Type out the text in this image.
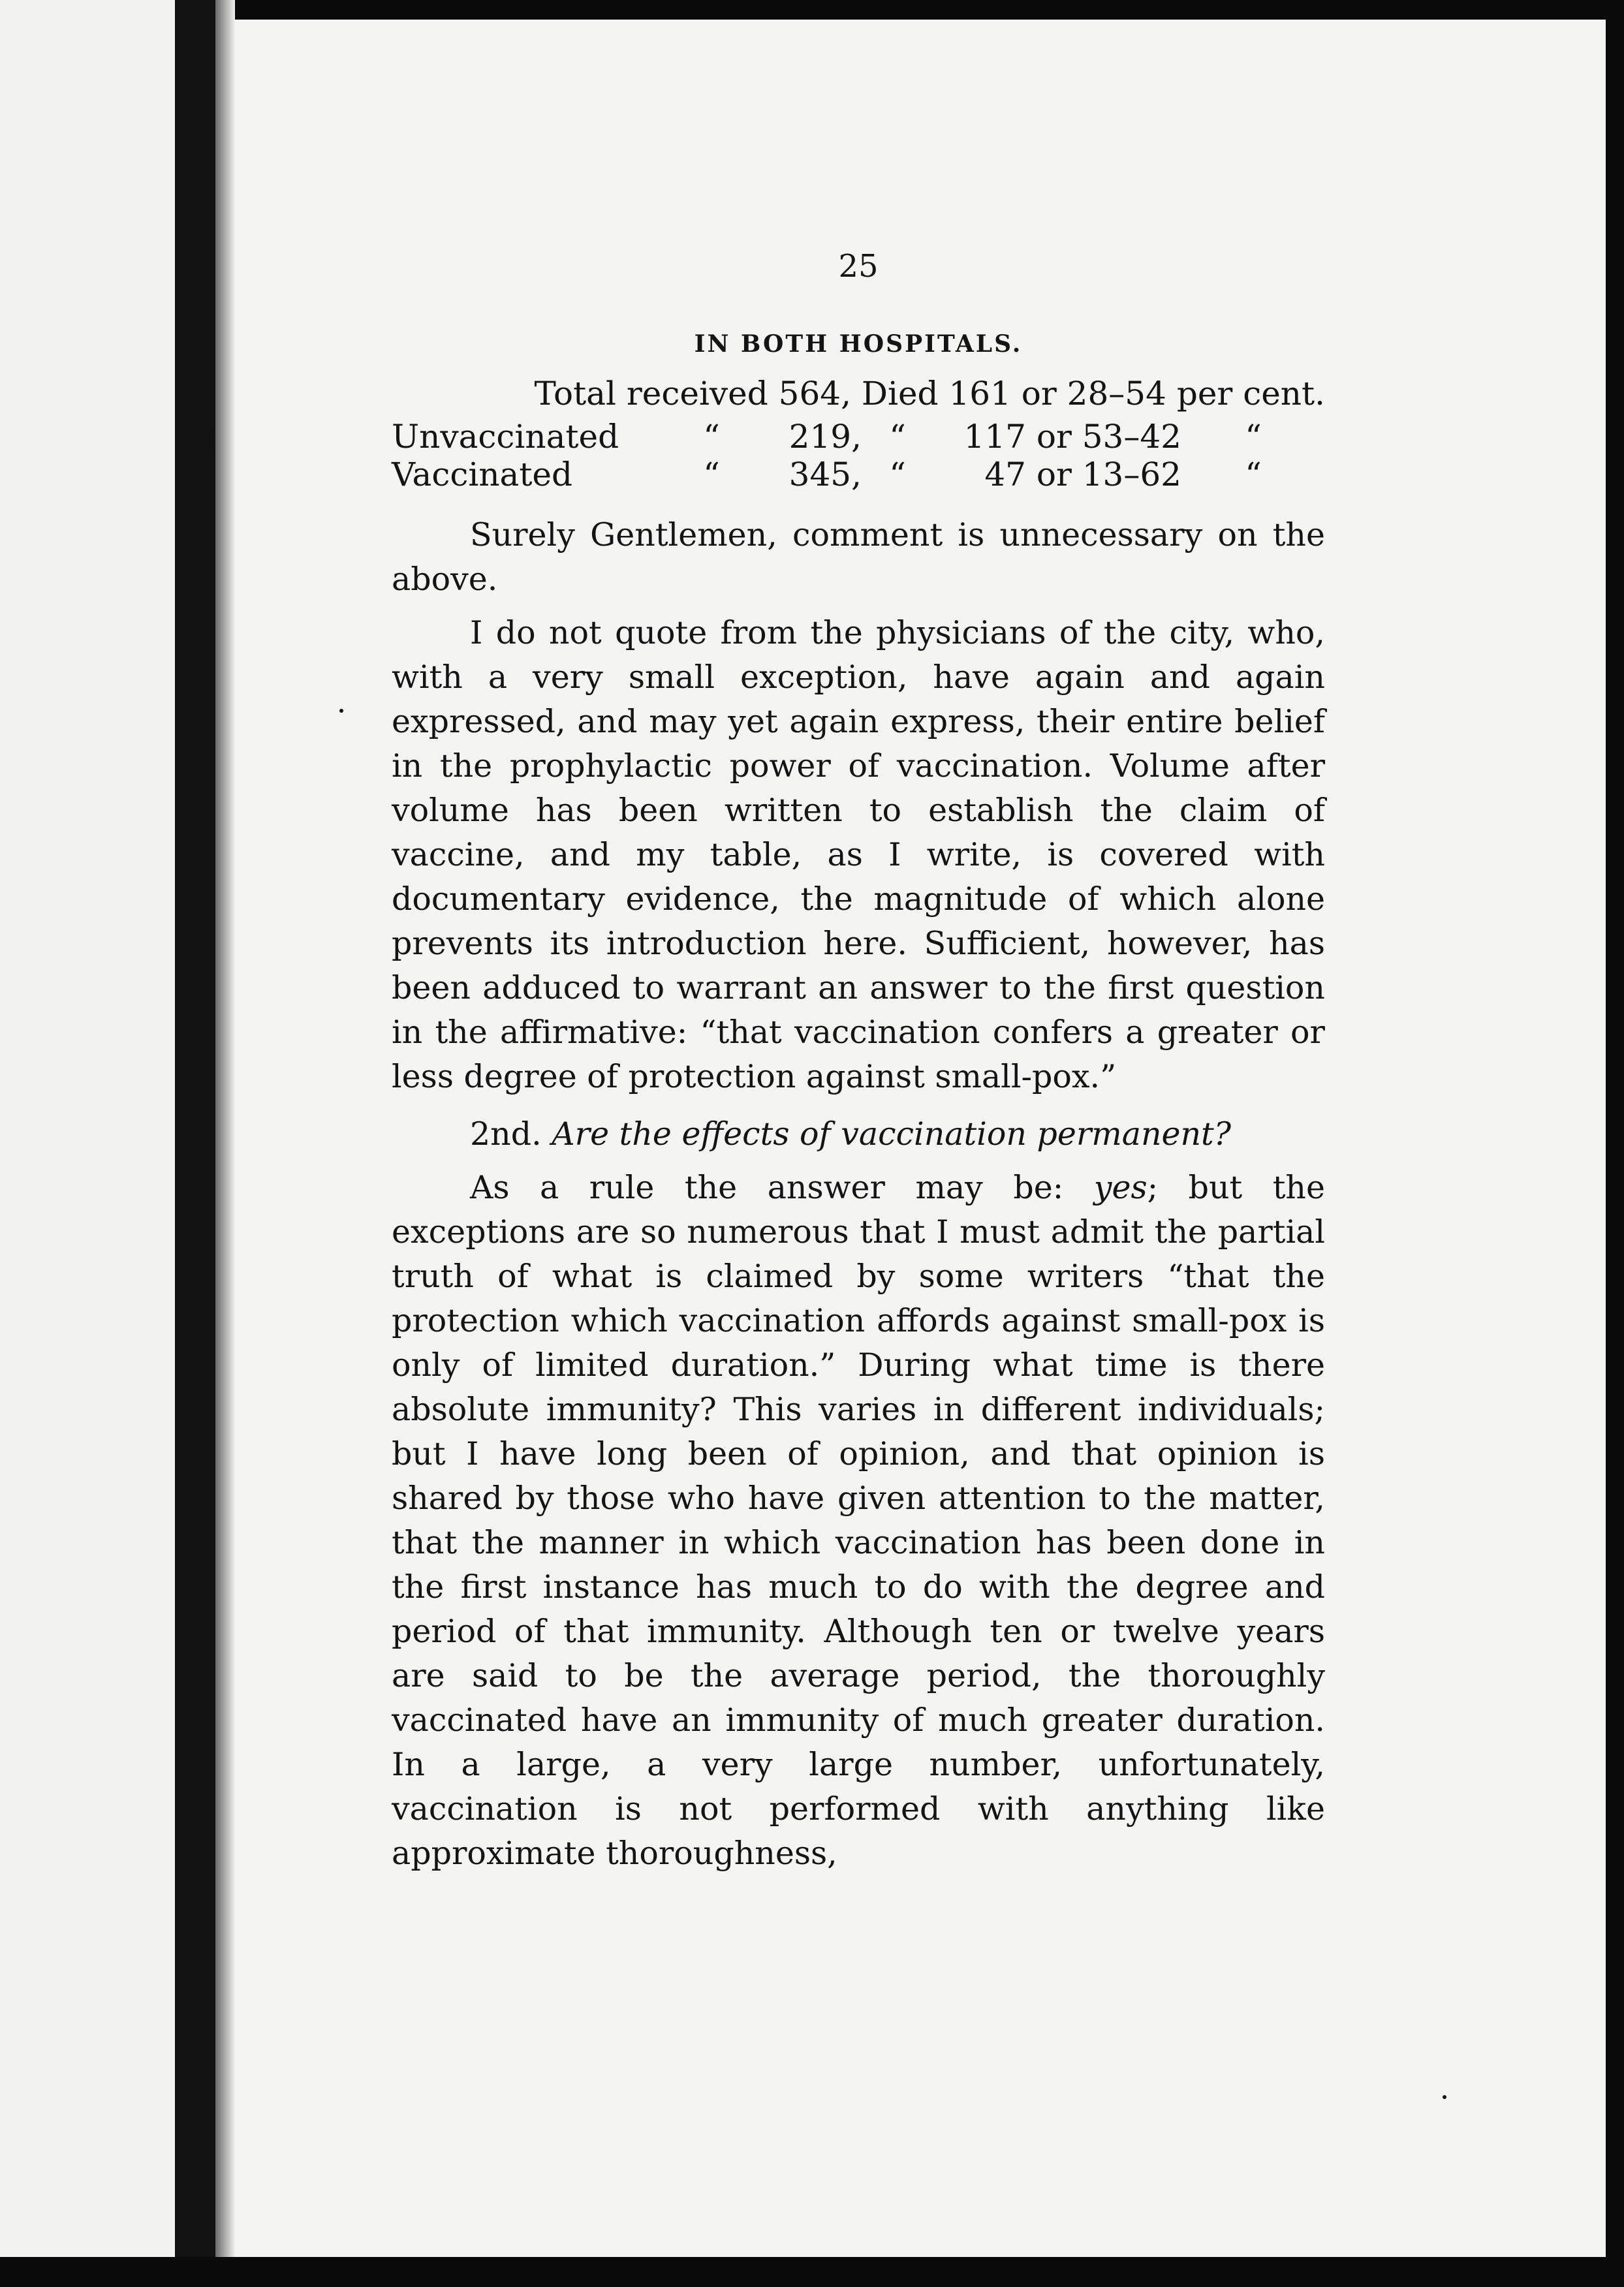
25
IN BOTH HOSPITALS.
Total received 564, Died 161 or 28–54 per cent.
Unvaccinated	“	219, “	117 or 53–42	“
Vaccinated	“	345, “	47 or 13–62	“

Surely Gentlemen, comment is unnecessary on the above.

I do not quote from the physicians of the city, who, with a very small exception, have again and again expressed, and may yet again express, their entire belief in the prophylactic power of vaccination. Volume after volume has been written to establish the claim of vaccine, and my table, as I write, is covered with documentary evidence, the magnitude of which alone prevents its introduction here. Sufficient, however, has been adduced to warrant an answer to the first question in the affirmative: “that vaccination confers a greater or less degree of protection against small-pox.”

2nd. Are the effects of vaccination permanent?

As a rule the answer may be: yes; but the exceptions are so numerous that I must admit the partial truth of what is claimed by some writers “that the protection which vaccination affords against small-pox is only of limited duration.” During what time is there absolute immunity? This varies in different individuals; but I have long been of opinion, and that opinion is shared by those who have given attention to the matter, that the manner in which vaccination has been done in the first instance has much to do with the degree and period of that immunity. Although ten or twelve years are said to be the average period, the thoroughly vaccinated have an immunity of much greater duration. In a large, a very large number, unfortunately, vaccination is not performed with anything like approximate thoroughness,
